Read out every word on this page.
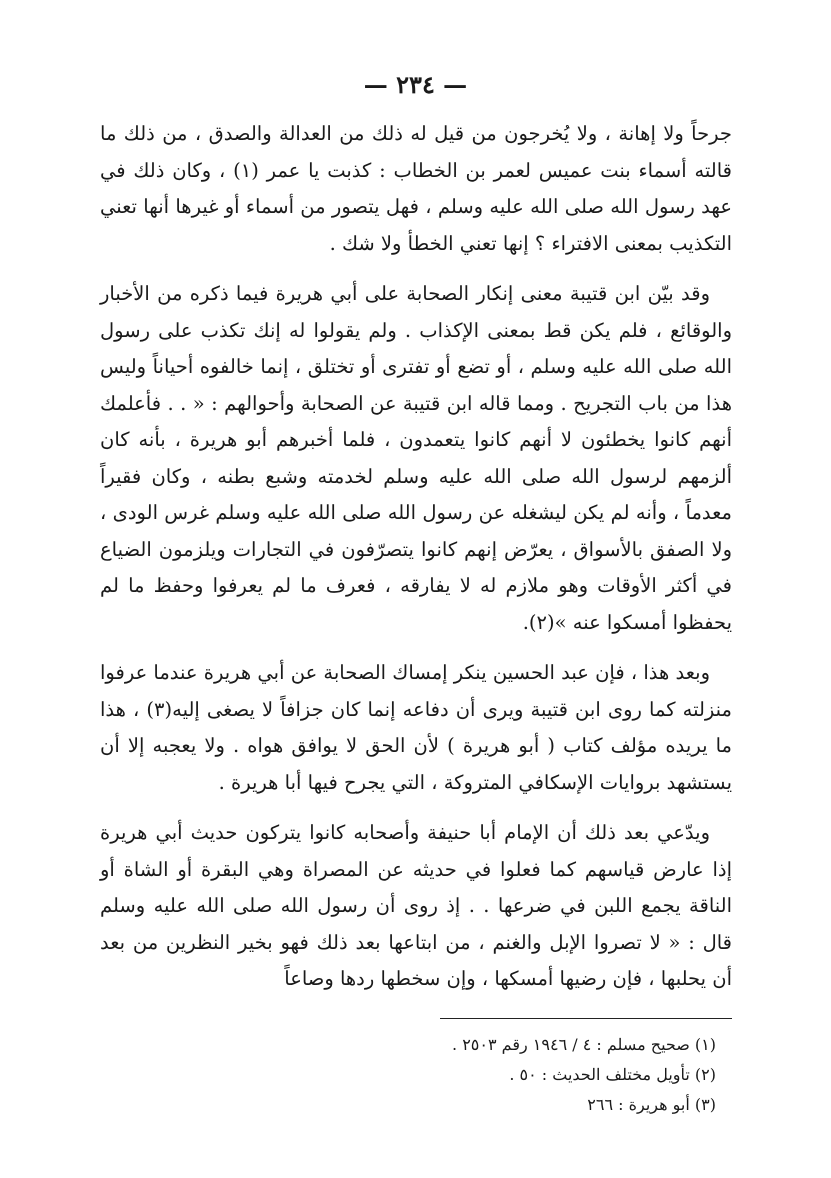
— ٢٣٤ —

جرحاً ولا إهانة ، ولا يُخرجون من قيل له ذلك من العدالة والصدق ، من ذلك ما قالته أسماء بنت عميس لعمر بن الخطاب : كذبت يا عمر (١) ، وكان ذلك في عهد رسول الله صلى الله عليه وسلم ، فهل يتصور من أسماء أو غيرها أنها تعني التكذيب بمعنى الافتراء ؟ إنها تعني الخطأ ولا شك .

وقد بيّن ابن قتيبة معنى إنكار الصحابة على أبي هريرة فيما ذكره من الأخبار والوقائع ، فلم يكن قط بمعنى الإكذاب . ولم يقولوا له إنك تكذب على رسول الله صلى الله عليه وسلم ، أو تضع أو تفترى أو تختلق ، إنما خالفوه أحياناً وليس هذا من باب التجريح . ومما قاله ابن قتيبة عن الصحابة وأحوالهم : « . . فأعلمك أنهم كانوا يخطئون لا أنهم كانوا يتعمدون ، فلما أخبرهم أبو هريرة ، بأنه كان ألزمهم لرسول الله صلى الله عليه وسلم لخدمته وشبع بطنه ، وكان فقيراً معدماً ، وأنه لم يكن ليشغله عن رسول الله صلى الله عليه وسلم غرس الودى ، ولا الصفق بالأسواق ، يعرّض إنهم كانوا يتصرّفون في التجارات ويلزمون الضياع في أكثر الأوقات وهو ملازم له لا يفارقه ، فعرف ما لم يعرفوا وحفظ ما لم يحفظوا أمسكوا عنه »(٢).

وبعد هذا ، فإن عبد الحسين ينكر إمساك الصحابة عن أبي هريرة عندما عرفوا منزلته كما روى ابن قتيبة ويرى أن دفاعه إنما كان جزافاً لا يصغى إليه(٣) ، هذا ما يريده مؤلف كتاب ( أبو هريرة ) لأن الحق لا يوافق هواه . ولا يعجبه إلا أن يستشهد بروايات الإسكافي المتروكة ، التي يجرح فيها أبا هريرة .

ويدّعي بعد ذلك أن الإمام أبا حنيفة وأصحابه كانوا يتركون حديث أبي هريرة إذا عارض قياسهم كما فعلوا في حديثه عن المصراة وهي البقرة أو الشاة أو الناقة يجمع اللبن في ضرعها . . إذ روى أن رسول الله صلى الله عليه وسلم قال : « لا تصروا الإبل والغنم ، من ابتاعها بعد ذلك فهو بخير النظرين من بعد أن يحلبها ، فإن رضيها أمسكها ، وإن سخطها ردها وصاعاً

(١) صحيح مسلم : ٤ / ١٩٤٦ رقم ٢٥٠٣ .

(٢) تأويل مختلف الحديث : ٥٠ .

(٣) أبو هريرة : ٢٦٦
